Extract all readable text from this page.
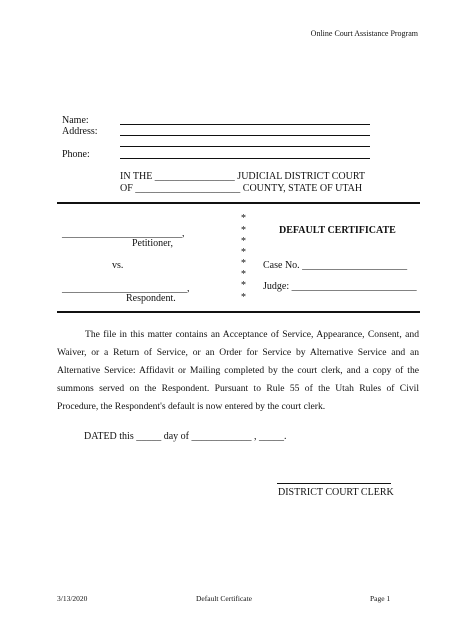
Online Court Assistance Program
Name:
Address:
Phone:
IN THE ________________ JUDICIAL DISTRICT COURT
OF _____________________ COUNTY, STATE OF UTAH
*
*
*
*
*
*
*
*
________________________,
Petitioner,
vs.
_________________________,
Respondent.
DEFAULT CERTIFICATE
Case No. _____________________
Judge: _________________________

The file in this matter contains an Acceptance of Service, Appearance, Consent, and Waiver, or a Return of Service, or an Order for Service by Alternative Service and an Alternative Service: Affidavit or Mailing completed by the court clerk, and a copy of the summons served on the Respondent. Pursuant to Rule 55 of the Utah Rules of Civil Procedure, the Respondent's default is now entered by the court clerk.

DATED this _____ day of ____________ , _____.
DISTRICT COURT CLERK
3/13/2020	Default Certificate	Page 1
